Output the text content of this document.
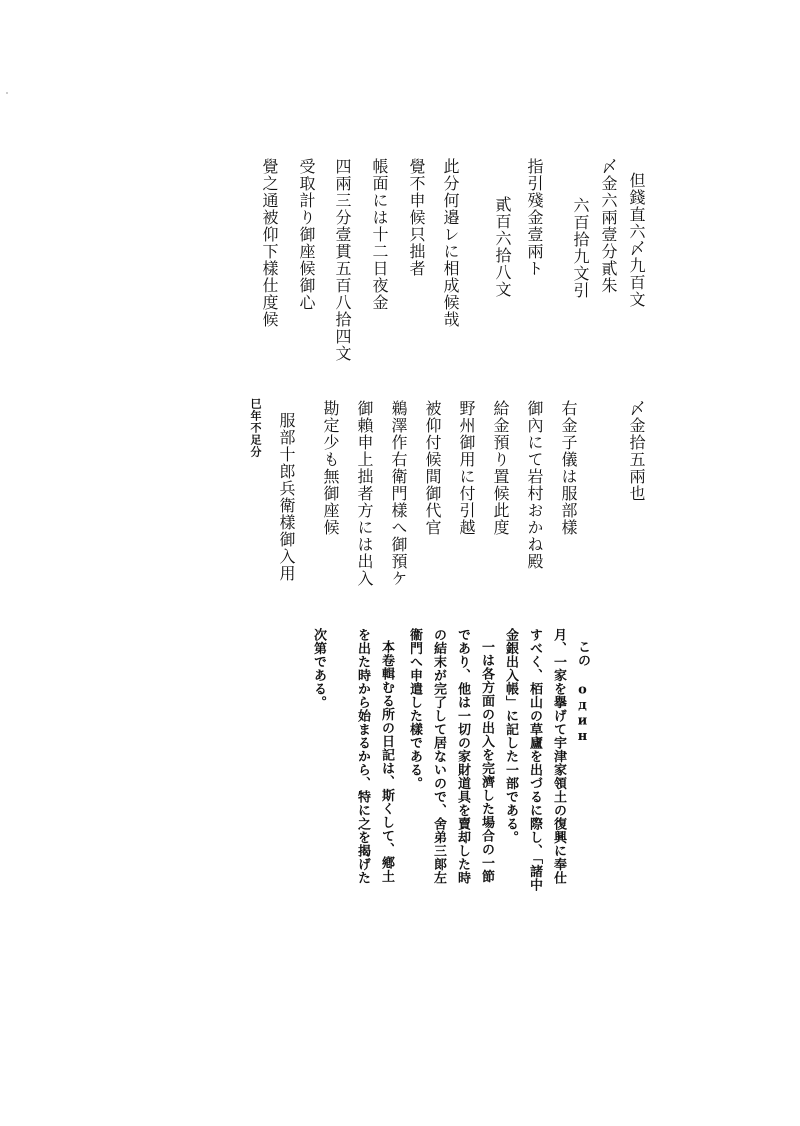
但錢直六〆九百文
〆金六兩壹分貳朱
六百拾九文引
指引殘金壹兩ト
貳百六拾八文
此分何邉レに相成候哉
覺不申候只拙者
帳面には十二日夜金
四兩三分壹貫五百八拾四文
受取計り御座候御心
覺之通被仰下樣仕度候
〆金拾五兩也
右金子儀は服部樣
御內にて岩村おかね殿
給金預り置候此度
野州御用に付引越
被仰付候間御代官
鵜澤作右衛門樣へ御預ケ
御賴申上拙者方には出入
勘定少も無御座候
服部十郎兵衛樣御入用
巳年不足分
この один
月、一家を擧げて宇津家領土の復興に奉仕
すべく、栢山の草廬を出づるに際し、「諸中
金銀出入帳」に記した一部である。
一は各方面の出入を完濟した場合の一節
であり、他は一切の家財道具を賣却した時
の結末が完了して居ないので、舍弟三郞左
衞門へ申遣した樣である。
本卷輯むる所の日記は、斯くして、鄕土
を出た時から始まるから、特に之を揭げた
次第である。
